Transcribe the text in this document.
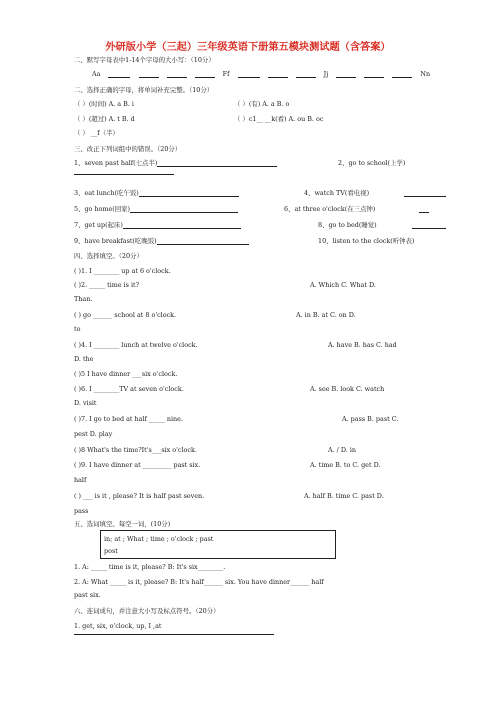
外研版小学（三起）三年级英语下册第五模块测试题（含答案）
二、默写字母表中1-14个字母的大小写：（10分）
Aa	Ff	Jj	Nn
二、选择正确的字母，将单词补充完整。（10分）
（ ）(时间) A. a B. i	（ ）(有) A. a B. o
（ ）(超过) A. t B. d	（ ）c1__ __k(看) A. ou B. oc
（ ） __f（半）
三、改正下列词组中的错误。（20分）
1、seven past half(七点半)	2、go to school(上学)
3、eat lunch(吃午饭)	4、watch TV(看电视)
5、go home(回家)	6、at three o'clock(在三点钟)
7、get up(起床)	8、go to bed(睡觉)
9、have breakfast(吃晚饭)	10、listen to the clock(听钟表)
四、选择填空。（20分）
( )1. I ________ up at 6 o'clock.
( )2. _____ time is it?	A. Which C. What D.
Than.
( ) go ______ school at 8 o'clock.	A. in B. at C. on D.
to
( )4. I ________ lunch at twelve o'clock.	A. have B. has C. had
D. the
( )5 I have dinner ___six o'clock.
( )6. I ________TV at seven o'clock.	A. see B. look C. watch
D. visit
( )7. I go to bed at half _____ nine.	A. pass B. past C.
pest D. play
( )8 What's the time?It's___six o'clock.	A. / D. in
( )9. I have dinner at _________ past six.	A. time B. to C. get D.
half
( ) ___ is it , please? It is half past seven.	A. half B. time C. past D.
pass
五、选词填空。每空一词，(10分)
in; at ; What ; time ; o'clock ; past
post
1. A: _____ time is it, please? B: It's six________.
2. A: What _____ is it, please? B: It's half______ six. You have dinner______ half
past six.
六、连词成句，并注意大小写及标点符号。（20分）
1. get, six, o'clock, up, I ,at
